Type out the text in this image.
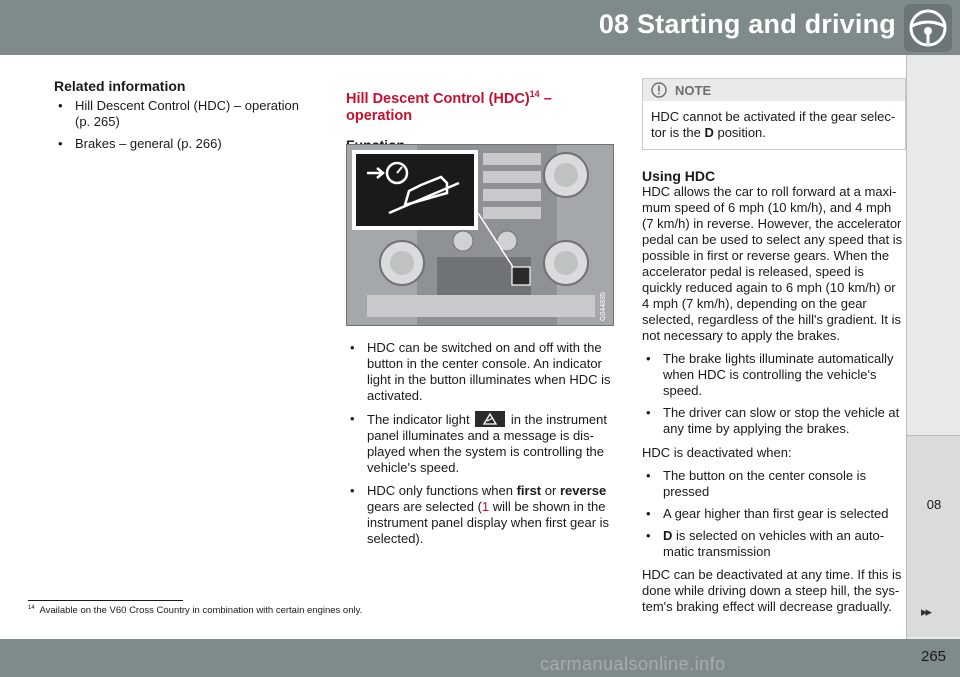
08 Starting and driving
08
Related information
• Hill Descent Control (HDC) – operation (p. 265)
• Brakes – general (p. 266)
Hill Descent Control (HDC)$^{14}$ – operation
G044835
• HDC can be switched on and off with the button in the center console. An indicator light in the button illuminates when HDC is activated.
• The indicator light	in the instrument panel illuminates and a message is dis-played when the system is controlling the vehicle's speed.
• HDC only functions when first or reverse gears are selected (1 will be shown in the instrument panel display when first gear is selected).
NOTE

HDC cannot be activated if the gear selec-tor is the D position.

Using HDC

HDC allows the car to roll forward at a maxi-mum speed of 6 mph (10 km/h), and 4 mph (7 km/h) in reverse. However, the accelerator pedal can be used to select any speed that is possible in first or reverse gears. When the accelerator pedal is released, speed is quickly reduced again to 6 mph (10 km/h) or 4 mph (7 km/h), depending on the gear selected, regardless of the hill's gradient. It is not necessary to apply the brakes.

• The brake lights illuminate automatically when HDC is controlling the vehicle's speed.
• The driver can slow or stop the vehicle at any time by applying the brakes.

HDC is deactivated when:

• The button on the center console is pressed
• A gear higher than first gear is selected
• D is selected on vehicles with an auto-matic transmission

HDC can be deactivated at any time. If this is done while driving down a steep hill, the sys-tem's braking effect will decrease gradually.

$^{14}$ Available on the V60 Cross Country in combination with certain engines only.	▸▸
265
carmanualsonline.info
